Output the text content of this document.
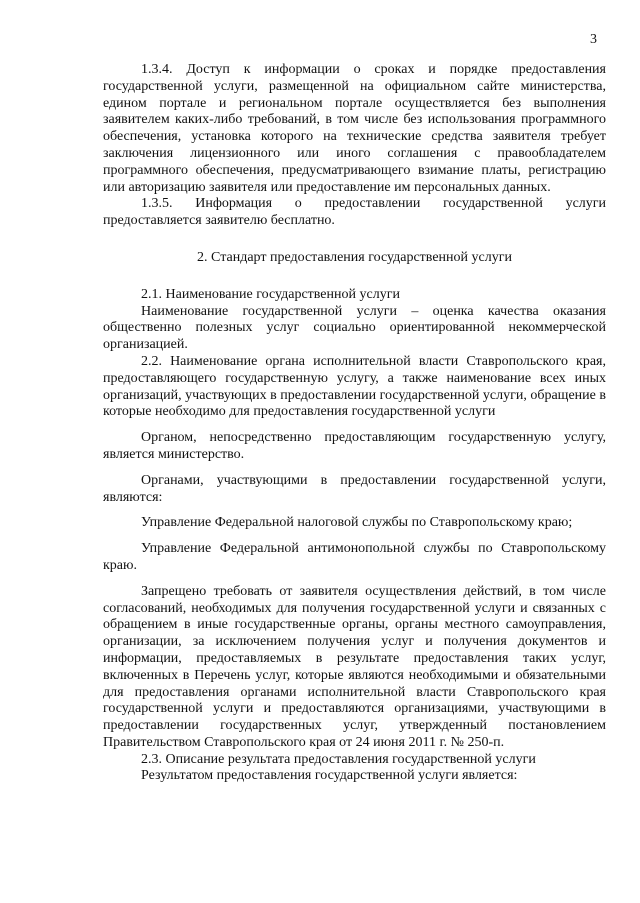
3

1.3.4. Доступ к информации о сроках и порядке предоставления государственной услуги, размещенной на официальном сайте министерства, едином портале и региональном портале осуществляется без выполнения заявителем каких-либо требований, в том числе без использования программного обеспечения, установка которого на технические средства заявителя требует заключения лицензионного или иного соглашения с правообладателем программного обеспечения, предусматривающего взимание платы, регистрацию или авторизацию заявителя или предоставление им персональных данных.

1.3.5. Информация о предоставлении государственной услуги предоставляется заявителю бесплатно.

2. Стандарт предоставления государственной услуги

2.1. Наименование государственной услуги

Наименование государственной услуги – оценка качества оказания общественно полезных услуг социально ориентированной некоммерческой организацией.

2.2. Наименование органа исполнительной власти Ставропольского края, предоставляющего государственную услугу, а также наименование всех иных организаций, участвующих в предоставлении государственной услуги, обращение в которые необходимо для предоставления государственной услуги

Органом, непосредственно предоставляющим государственную услугу, является министерство.

Органами, участвующими в предоставлении государственной услуги, являются:

Управление Федеральной налоговой службы по Ставропольскому краю;

Управление Федеральной антимонопольной службы по Ставропольскому краю.

Запрещено требовать от заявителя осуществления действий, в том числе согласований, необходимых для получения государственной услуги и связанных с обращением в иные государственные органы, органы местного самоуправления, организации, за исключением получения услуг и получения документов и информации, предоставляемых в результате предоставления таких услуг, включенных в Перечень услуг, которые являются необходимыми и обязательными для предоставления органами исполнительной власти Ставропольского края государственной услуги и предоставляются организациями, участвующими в предоставлении государственных услуг, утвержденный постановлением Правительством Ставропольского края от 24 июня 2011 г. № 250-п.

2.3. Описание результата предоставления государственной услуги

Результатом предоставления государственной услуги является:
